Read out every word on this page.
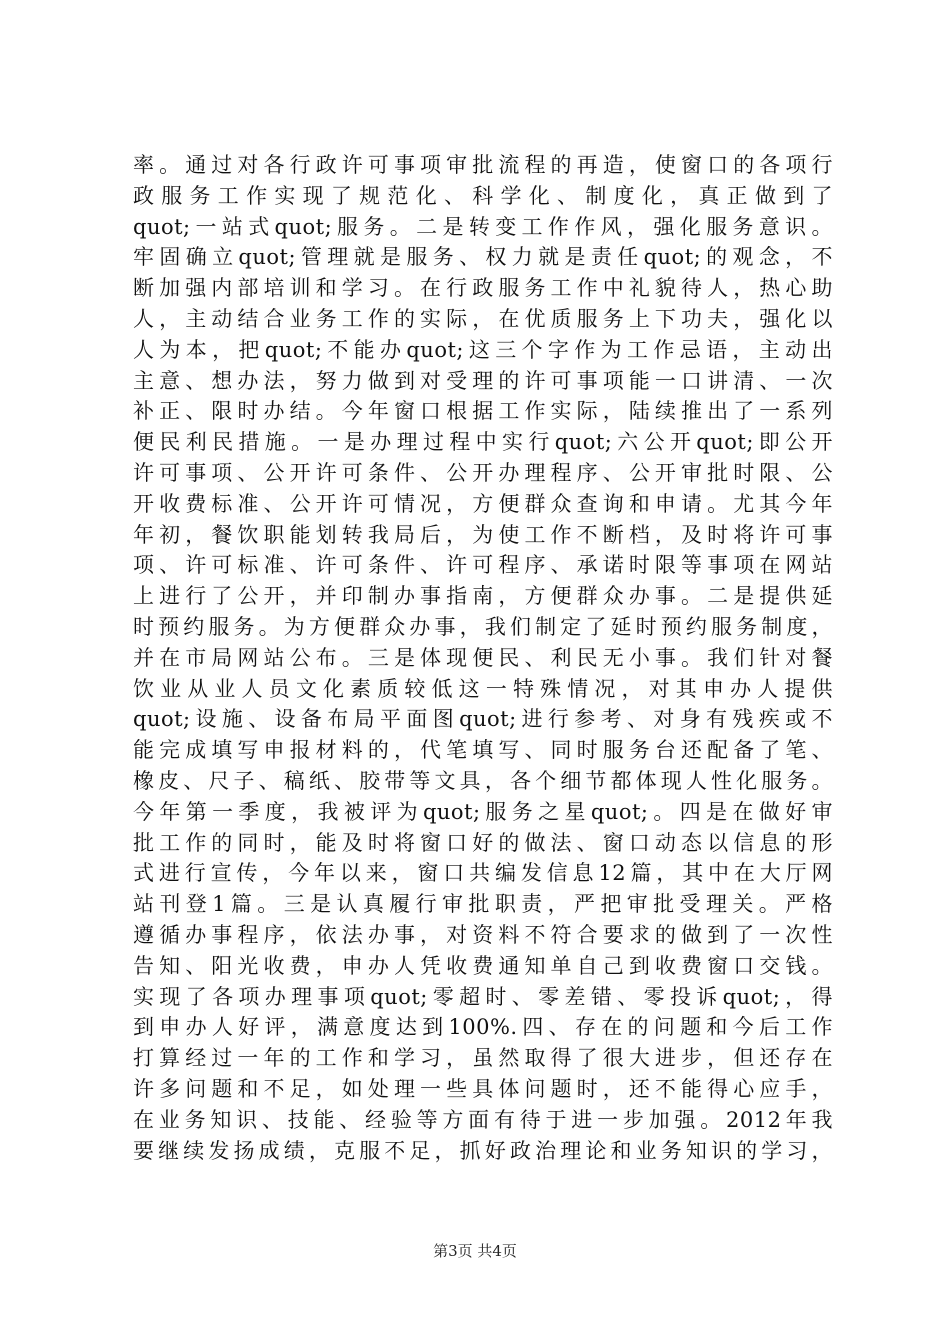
率。通过对各行政许可事项审批流程的再造，使窗口的各项行
政服务工作实现了规范化、科学化、制度化，真正做到了
quot;一站式quot;服务。二是转变工作作风，强化服务意识。
牢固确立quot;管理就是服务、权力就是责任quot;的观念，不
断加强内部培训和学习。在行政服务工作中礼貌待人，热心助
人，主动结合业务工作的实际，在优质服务上下功夫，强化以
人为本，把quot;不能办quot;这三个字作为工作忌语，主动出
主意、想办法，努力做到对受理的许可事项能一口讲清、一次
补正、限时办结。今年窗口根据工作实际，陆续推出了一系列
便民利民措施。一是办理过程中实行quot;六公开quot;即公开
许可事项、公开许可条件、公开办理程序、公开审批时限、公
开收费标准、公开许可情况，方便群众查询和申请。尤其今年
年初，餐饮职能划转我局后，为使工作不断档，及时将许可事
项、许可标准、许可条件、许可程序、承诺时限等事项在网站
上进行了公开，并印制办事指南，方便群众办事。二是提供延
时预约服务。为方便群众办事，我们制定了延时预约服务制度，
并在市局网站公布。三是体现便民、利民无小事。我们针对餐
饮业从业人员文化素质较低这一特殊情况，对其申办人提供
quot;设施、设备布局平面图quot;进行参考、对身有残疾或不
能完成填写申报材料的，代笔填写、同时服务台还配备了笔、
橡皮、尺子、稿纸、胶带等文具，各个细节都体现人性化服务。
今年第一季度，我被评为quot;服务之星quot;。四是在做好审
批工作的同时，能及时将窗口好的做法、窗口动态以信息的形
式进行宣传，今年以来，窗口共编发信息12篇，其中在大厅网
站刊登1篇。三是认真履行审批职责，严把审批受理关。严格
遵循办事程序，依法办事，对资料不符合要求的做到了一次性
告知、阳光收费，申办人凭收费通知单自己到收费窗口交钱。
实现了各项办理事项quot;零超时、零差错、零投诉quot;，得
到申办人好评，满意度达到100%.四、存在的问题和今后工作
打算经过一年的工作和学习，虽然取得了很大进步，但还存在
许多问题和不足，如处理一些具体问题时，还不能得心应手，
在业务知识、技能、经验等方面有待于进一步加强。2012年我
要继续发扬成绩，克服不足，抓好政治理论和业务知识的学习，
第3页 共4页
